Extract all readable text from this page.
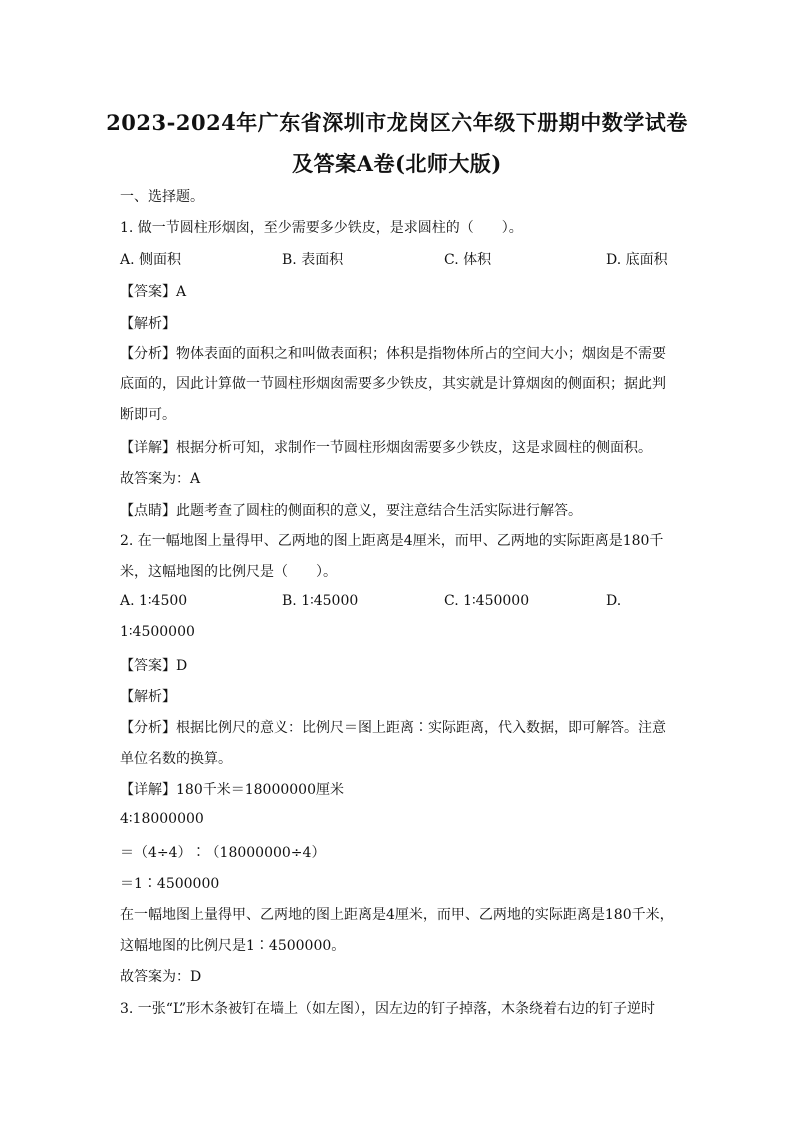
2023-2024年广东省深圳市龙岗区六年级下册期中数学试卷
及答案A卷(北师大版)
一、选择题。
1. 做一节圆柱形烟囱，至少需要多少铁皮，是求圆柱的（　　）。
A. 侧面积	B. 表面积	C. 体积	D. 底面积
【答案】A
【解析】
【分析】物体表面的面积之和叫做表面积；体积是指物体所占的空间大小；烟囱是不需要
底面的，因此计算做一节圆柱形烟囱需要多少铁皮，其实就是计算烟囱的侧面积；据此判
断即可。
【详解】根据分析可知，求制作一节圆柱形烟囱需要多少铁皮，这是求圆柱的侧面积。
故答案为：A
【点睛】此题考查了圆柱的侧面积的意义，要注意结合生活实际进行解答。
2. 在一幅地图上量得甲、乙两地的图上距离是4厘米，而甲、乙两地的实际距离是180千
米，这幅地图的比例尺是（　　）。
A. 1∶4500	B. 1∶45000	C. 1∶450000	D.
1∶4500000
【答案】D
【解析】
【分析】根据比例尺的意义：比例尺＝图上距离∶实际距离，代入数据，即可解答。注意
单位名数的换算。
【详解】180千米＝18000000厘米
4∶18000000
＝（4÷4）∶（18000000÷4）
＝1∶4500000
在一幅地图上量得甲、乙两地的图上距离是4厘米，而甲、乙两地的实际距离是180千米，
这幅地图的比例尺是1∶4500000。
故答案为：D
3. 一张“L”形木条被钉在墙上（如左图），因左边的钉子掉落，木条绕着右边的钉子逆时
